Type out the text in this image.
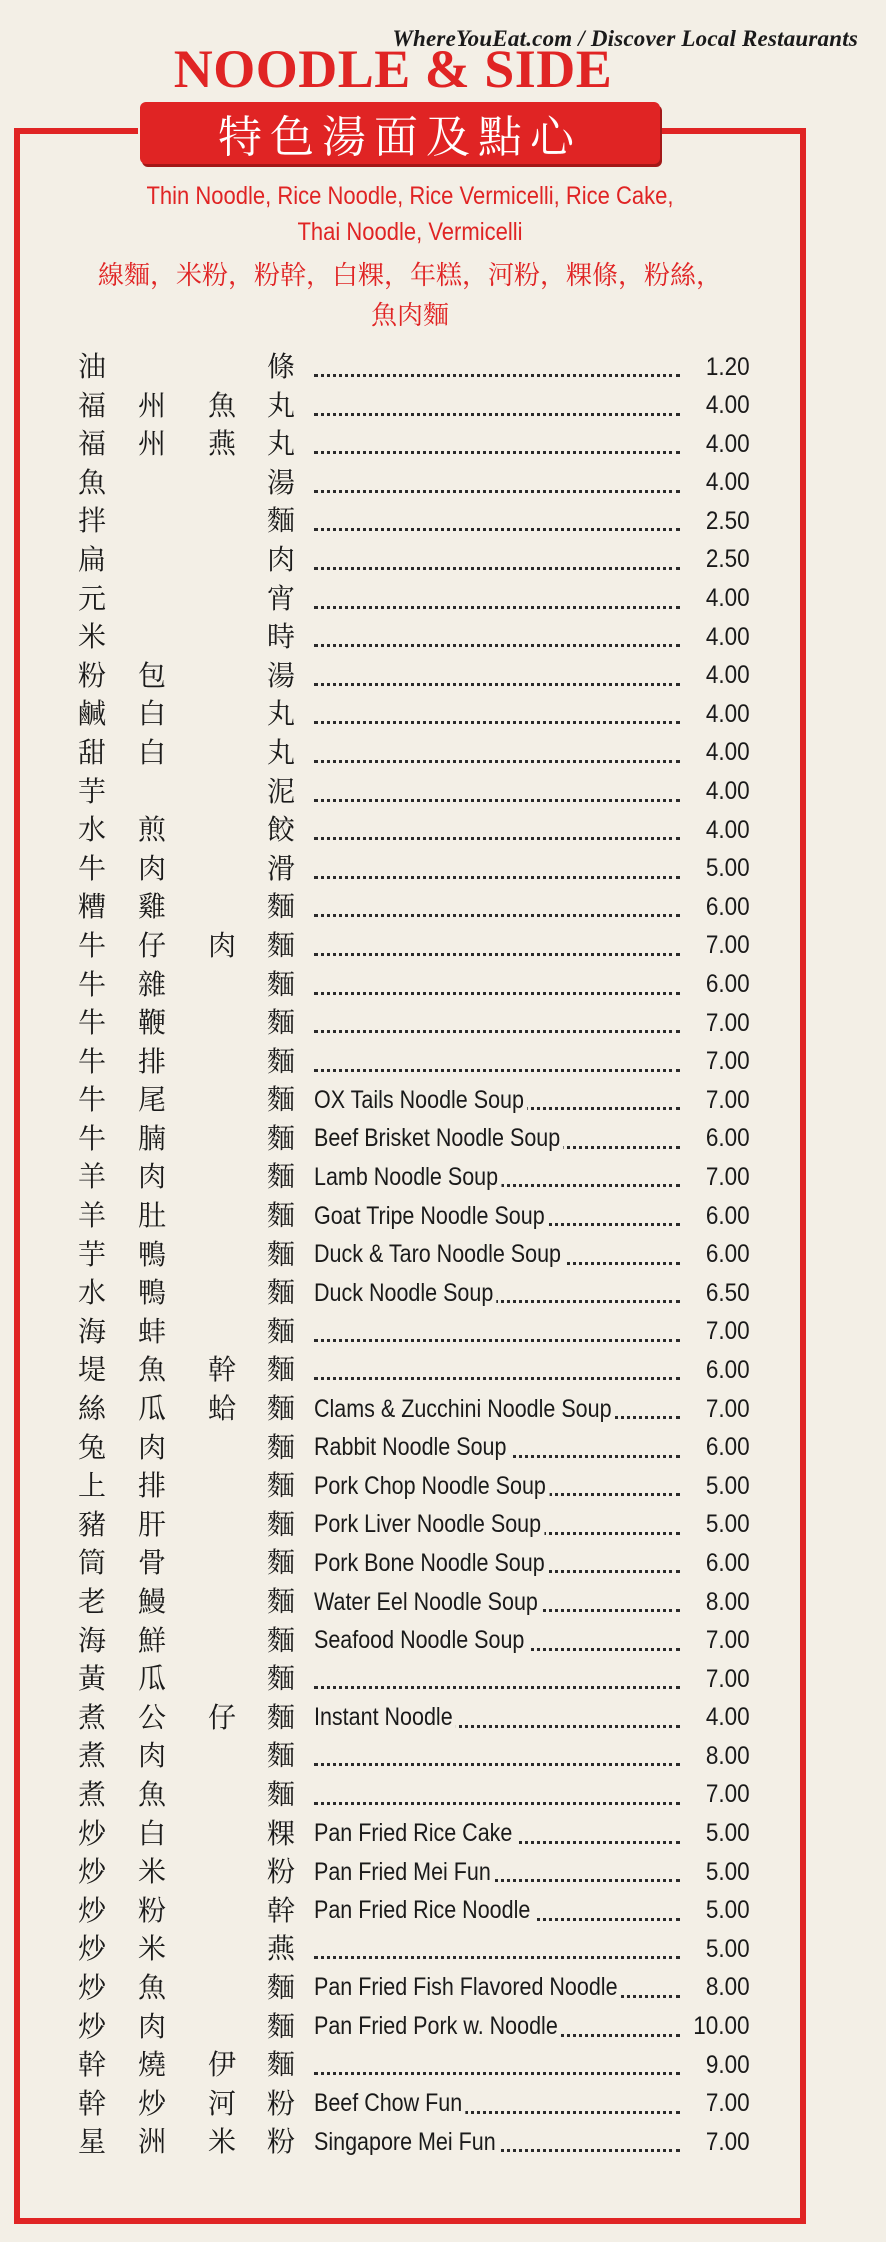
WhereYouEat.com / Discover Local Restaurants
NOODLE & SIDE
特色湯面及點心
Thin Noodle, Rice Noodle, Rice Vermicelli, Rice Cake, Thai Noodle, Vermicelli
線麵，米粉，粉幹，白粿，年糕，河粉，粿條，粉絲，魚肉麵
油	條	1.20
福 州 魚 丸	4.00
福 州 燕 丸	4.00
魚	湯	4.00
拌	麵	2.50
扁	肉	2.50
元	宵	4.00
米	時	4.00
粉 包	湯	4.00
鹹 白	丸	4.00
甜 白	丸	4.00
芋	泥	4.00
水 煎	餃	4.00
牛 肉	滑	5.00
糟 雞	麵	6.00
牛 仔 肉 麵	7.00
牛 雜	麵	6.00
牛 鞭	麵	7.00
牛 排	麵	7.00
牛 尾	麵 OX Tails Noodle Soup	7.00
牛 腩	麵 Beef Brisket Noodle Soup	6.00
羊 肉	麵 Lamb Noodle Soup	7.00
羊 肚	麵 Goat Tripe Noodle Soup	6.00
芋 鴨	麵 Duck & Taro Noodle Soup	6.00
水 鴨	麵 Duck Noodle Soup	6.50
海 蚌	麵	7.00
堤 魚 幹 麵	6.00
絲 瓜 蛤 麵 Clams & Zucchini Noodle Soup	7.00
兔 肉	麵 Rabbit Noodle Soup	6.00
上 排	麵 Pork Chop Noodle Soup	5.00
豬 肝	麵 Pork Liver Noodle Soup	5.00
筒 骨	麵 Pork Bone Noodle Soup	6.00
老 鰻	麵 Water Eel Noodle Soup	8.00
海 鮮	麵 Seafood Noodle Soup	7.00
黃 瓜	麵	7.00
煮 公 仔 麵 Instant Noodle	4.00
煮 肉	麵	8.00
煮 魚	麵	7.00
炒 白	粿 Pan Fried Rice Cake	5.00
炒 米	粉 Pan Fried Mei Fun	5.00
炒 粉	幹 Pan Fried Rice Noodle	5.00
炒 米	燕	5.00
炒 魚	麵 Pan Fried Fish Flavored Noodle	8.00
炒 肉	麵 Pan Fried Pork w. Noodle	10.00
幹 燒 伊 麵	9.00
幹 炒 河 粉 Beef Chow Fun	7.00
星 洲 米 粉 Singapore Mei Fun	7.00
